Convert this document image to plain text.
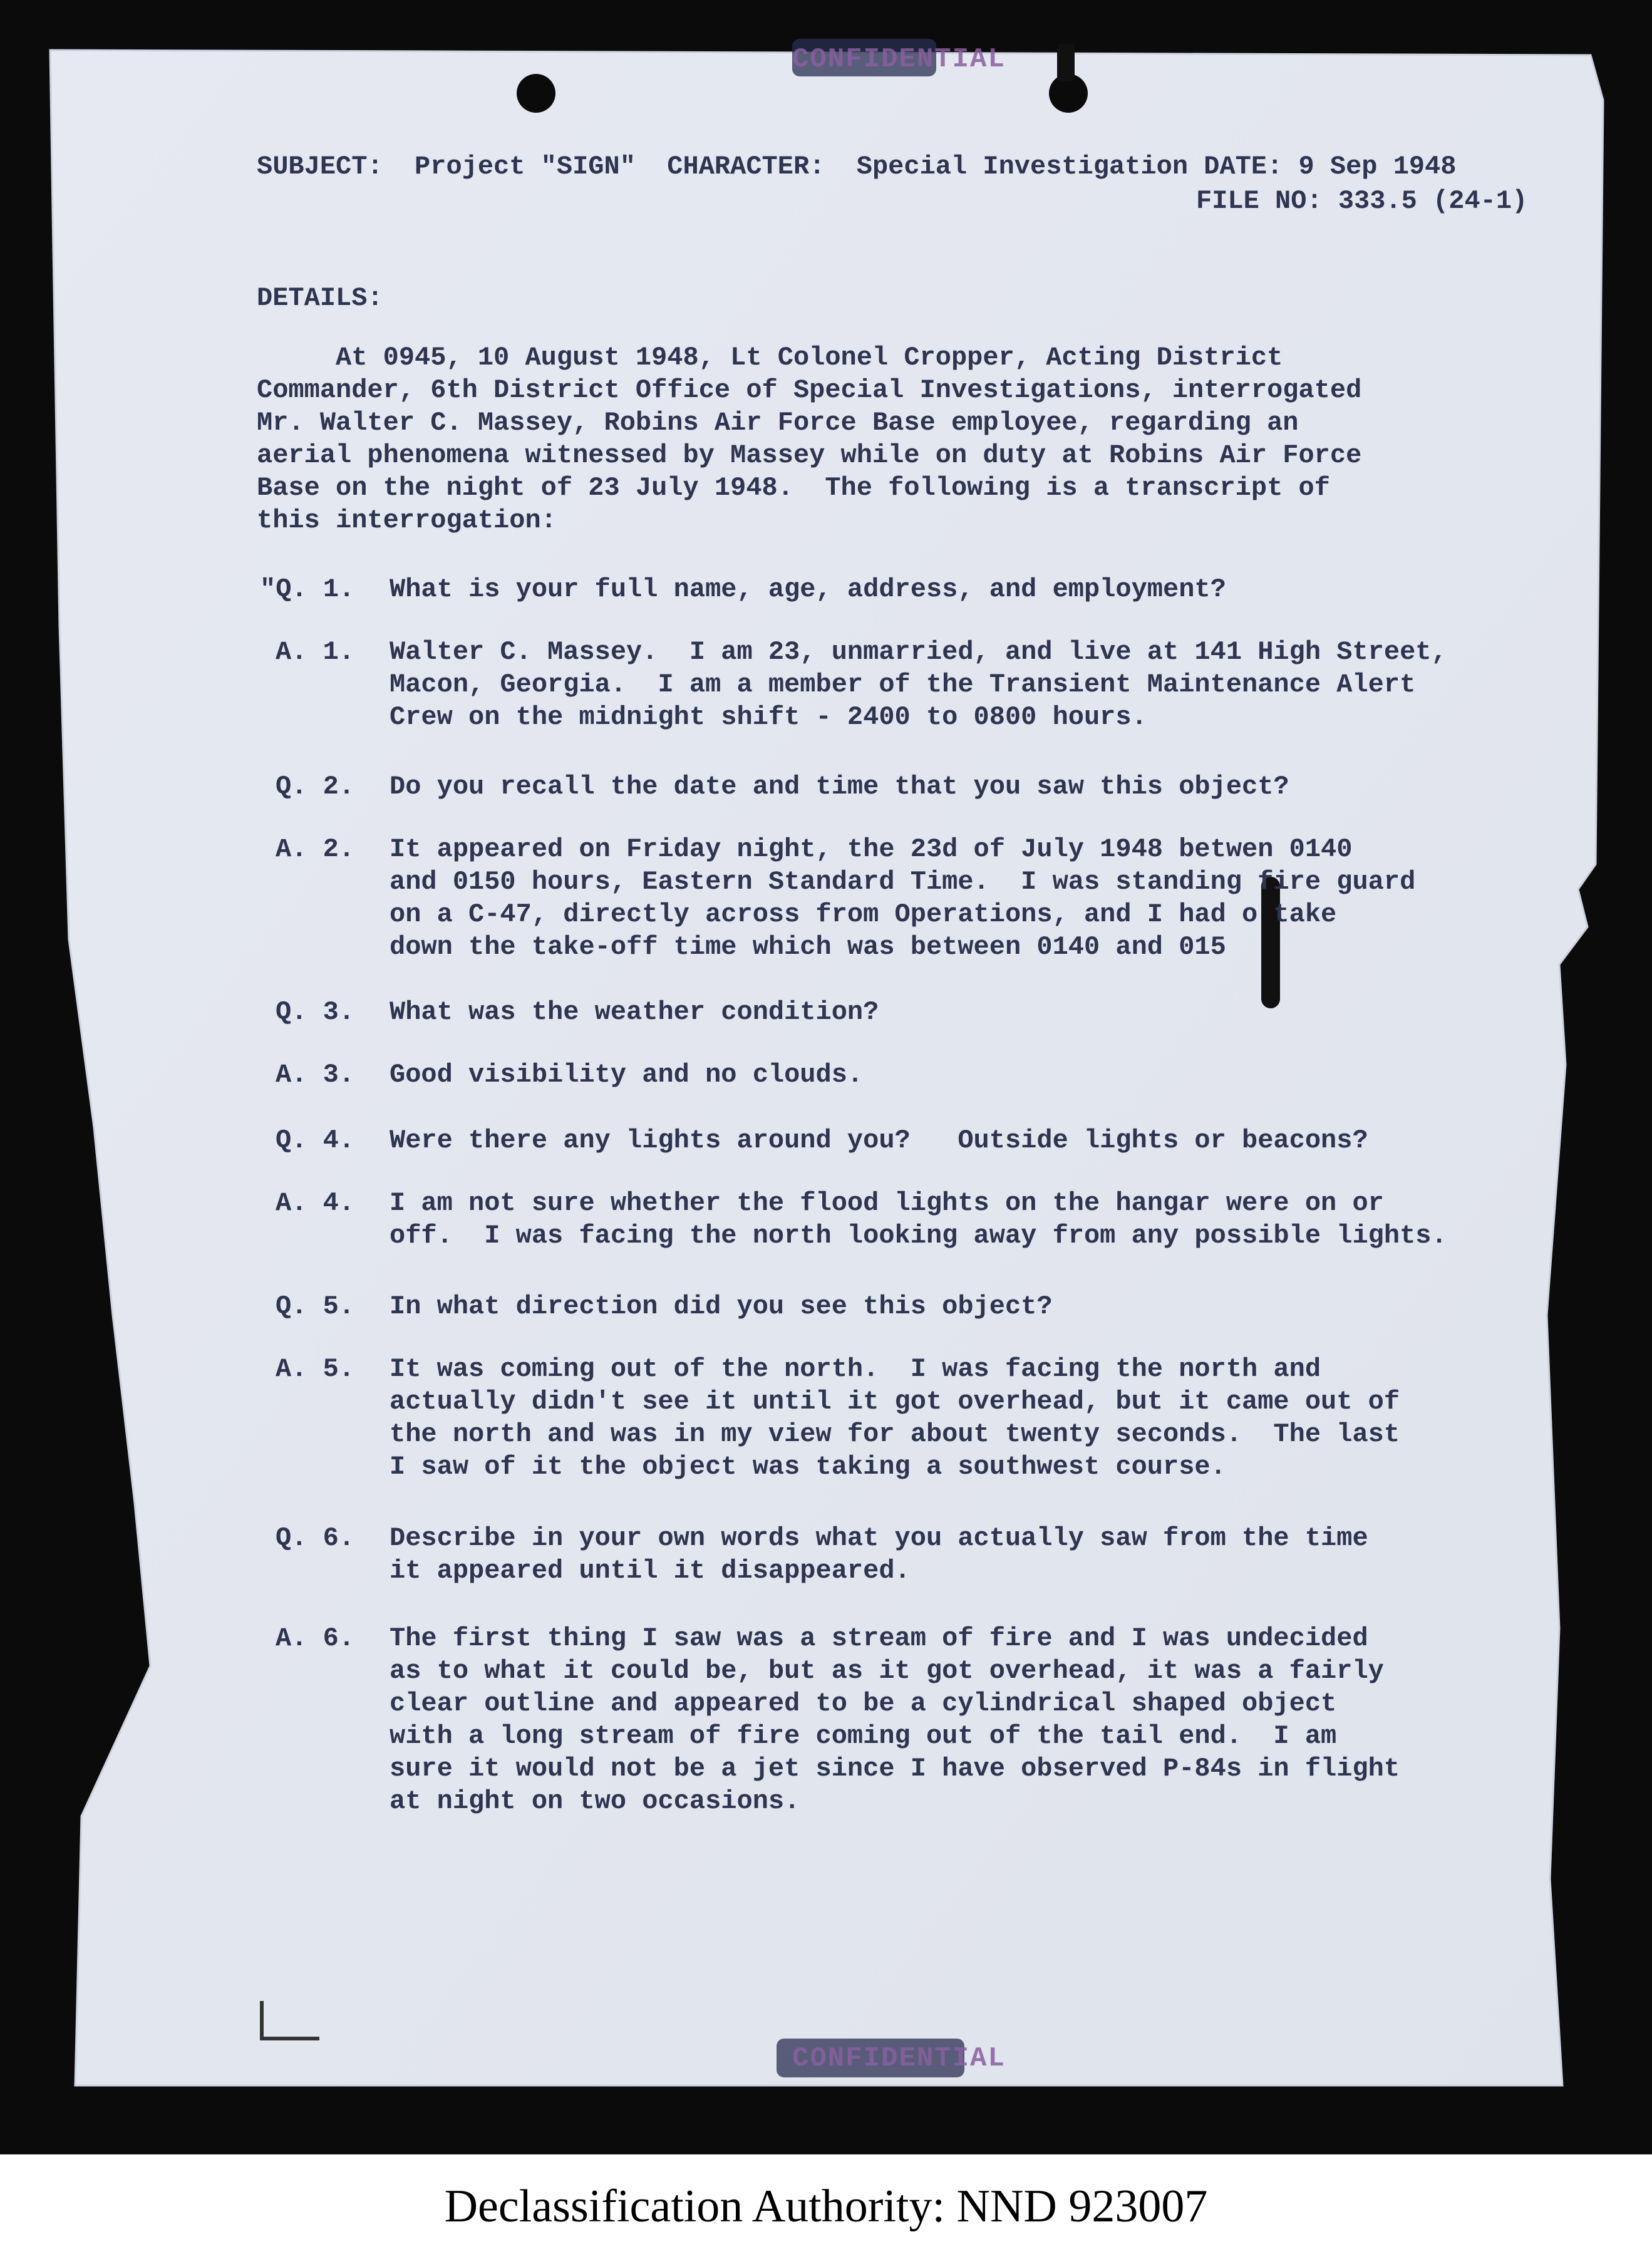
CONFIDENTIAL
CONFIDENTIAL
SUBJECT:  Project "SIGN"  CHARACTER:  Special Investigation DATE: 9 Sep 1948
FILE NO: 333.5 (24-1)
DETAILS:
At 0945, 10 August 1948, Lt Colonel Cropper, Acting District
Commander, 6th District Office of Special Investigations, interrogated
Mr. Walter C. Massey, Robins Air Force Base employee, regarding an
aerial phenomena witnessed by Massey while on duty at Robins Air Force
Base on the night of 23 July 1948.  The following is a transcript of
this interrogation:
"Q. 1. What is your full name, age, address, and employment?
A. 1. Walter C. Massey.  I am 23, unmarried, and live at 141 High Street,
Macon, Georgia.  I am a member of the Transient Maintenance Alert
Crew on the midnight shift - 2400 to 0800 hours.
Q. 2. Do you recall the date and time that you saw this object?
A. 2. It appeared on Friday night, the 23d of July 1948 betwen 0140
and 0150 hours, Eastern Standard Time.  I was standing fire guard
on a C-47, directly across from Operations, and I had o take
down the take-off time which was between 0140 and 015
Q. 3. What was the weather condition?
A. 3. Good visibility and no clouds.
Q. 4. Were there any lights around you?   Outside lights or beacons?
A. 4. I am not sure whether the flood lights on the hangar were on or
off.  I was facing the north looking away from any possible lights.
Q. 5. In what direction did you see this object?
A. 5. It was coming out of the north.  I was facing the north and
actually didn't see it until it got overhead, but it came out of
the north and was in my view for about twenty seconds.  The last
I saw of it the object was taking a southwest course.
Q. 6. Describe in your own words what you actually saw from the time
it appeared until it disappeared.
A. 6. The first thing I saw was a stream of fire and I was undecided
as to what it could be, but as it got overhead, it was a fairly
clear outline and appeared to be a cylindrical shaped object
with a long stream of fire coming out of the tail end.  I am
sure it would not be a jet since I have observed P-84s in flight
at night on two occasions.
Declassification Authority: NND 923007
